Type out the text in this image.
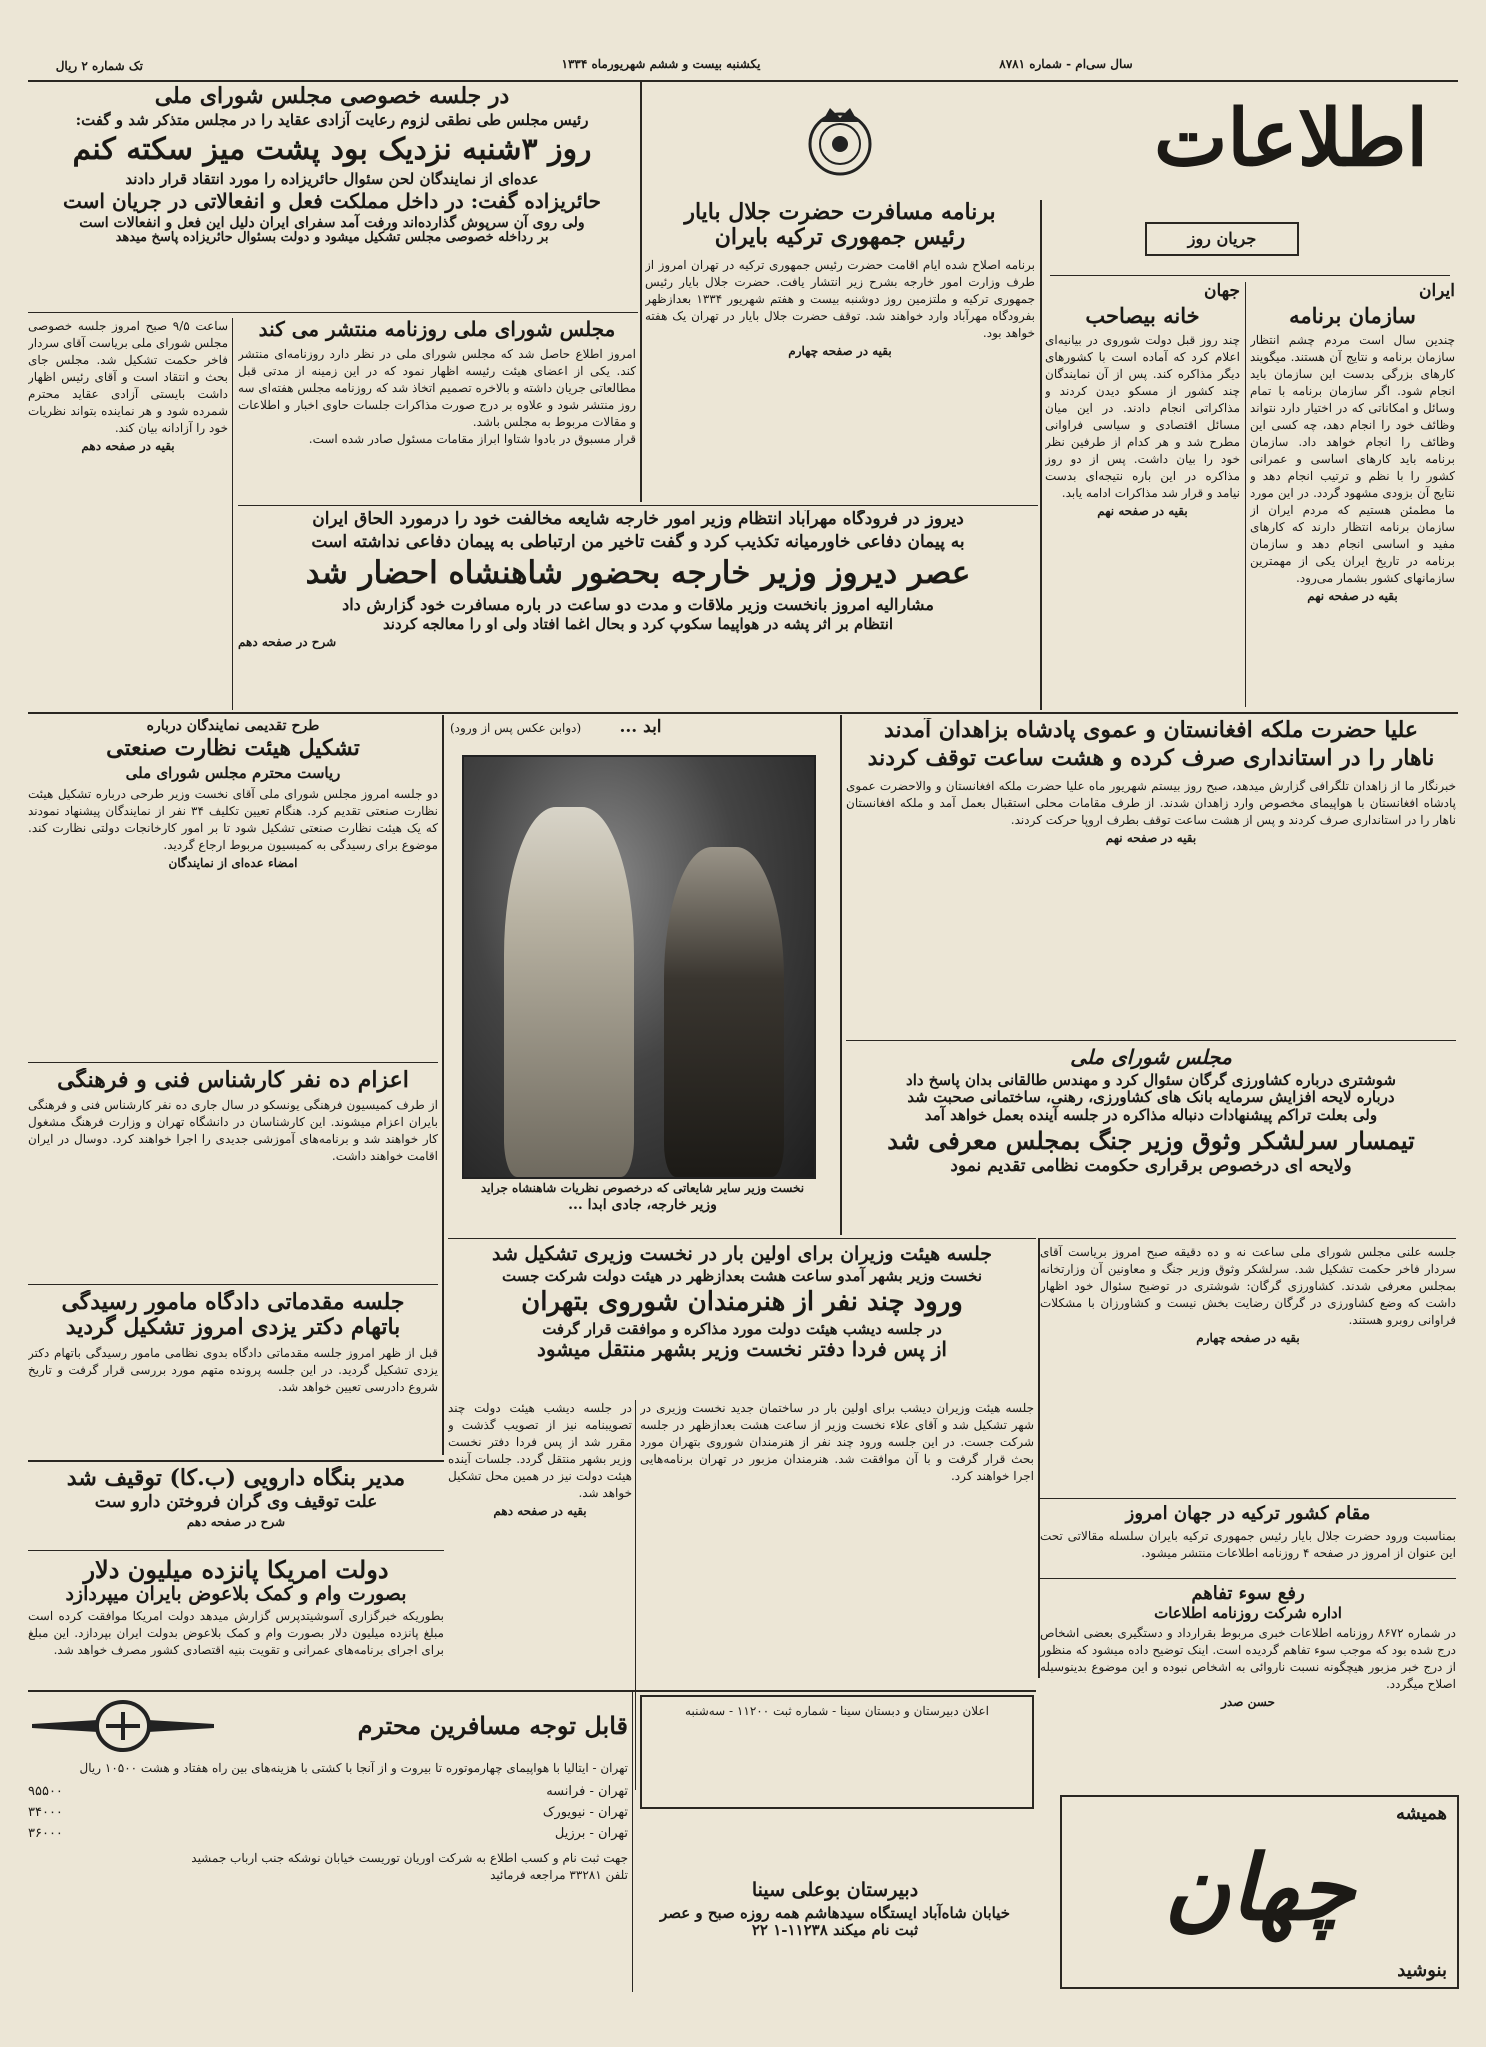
تک شماره ۲ ریال	یکشنبه بیست و ششم شهریورماه ۱۳۳۴	سال سی‌ام - شماره ۸۷۸۱
اطلاعات
جریان روز
ایران
سازمان برنامه
چندین سال است مردم چشم انتظار سازمان برنامه و نتایج آن هستند. میگویند کارهای بزرگی بدست این سازمان باید انجام شود. اگر سازمان برنامه با تمام وسائل و امکاناتی که در اختیار دارد نتواند وظائف خود را انجام دهد، چه کسی این وظائف را انجام خواهد داد. سازمان برنامه باید کارهای اساسی و عمرانی کشور را با نظم و ترتیب انجام دهد و نتایج آن بزودی مشهود گردد. در این مورد ما مطمئن هستیم که مردم ایران از سازمان برنامه انتظار دارند که کارهای مفید و اساسی انجام دهد و سازمان برنامه در تاریخ ایران یکی از مهمترین سازمانهای کشور بشمار می‌رود.
بقیه در صفحه نهم
جهان
خانه بیصاحب
چند روز قبل دولت شوروی در بیانیه‌ای اعلام کرد که آماده است با کشورهای دیگر مذاکره کند. پس از آن نمایندگان چند کشور از مسکو دیدن کردند و مذاکراتی انجام دادند. در این میان مسائل اقتصادی و سیاسی فراوانی مطرح شد و هر کدام از طرفین نظر خود را بیان داشت. پس از دو روز مذاکره در این باره نتیجه‌ای بدست نیامد و قرار شد مذاکرات ادامه یابد.
بقیه در صفحه نهم
برنامه مسافرت حضرت جلال بایار
رئیس جمهوری ترکیه بایران
برنامه اصلاح شده ایام اقامت حضرت رئیس جمهوری ترکیه در تهران امروز از طرف وزارت امور خارجه بشرح زیر انتشار یافت. حضرت جلال بایار رئیس جمهوری ترکیه و ملتزمین روز دوشنبه بیست و هفتم شهریور ۱۳۳۴ بعدازظهر بفرودگاه مهرآباد وارد خواهند شد. توقف حضرت جلال بایار در تهران یک هفته خواهد بود.
بقیه در صفحه چهارم
در جلسه خصوصی مجلس شورای ملی
رئیس مجلس طی نطقی لزوم رعایت آزادی عقاید را در مجلس متذکر شد و گفت:
روز ۳شنبه نزدیک بود پشت میز سکته کنم
عده‌ای از نمایندگان لحن سئوال حائریزاده را مورد انتقاد قرار دادند
حائریزاده گفت: در داخل مملکت فعل و انفعالاتی در جریان است
ولی روی آن سرپوش گذارده‌اند ورفت آمد سفرای ایران دلیل این فعل و انفعالات است
بر رداخله خصوصی مجلس تشکیل میشود و دولت بسئوال حائریزاده پاسخ میدهد
ساعت ۹/۵ صبح امروز جلسه خصوصی مجلس شورای ملی بریاست آقای سردار فاخر حکمت تشکیل شد. مجلس جای بحث و انتقاد است و آقای رئیس اظهار داشت بایستی آزادی عقاید محترم شمرده شود و هر نماینده بتواند نظریات خود را آزادانه بیان کند.
بقیه در صفحه دهم
مجلس شورای ملی روزنامه منتشر می کند
امروز اطلاع حاصل شد که مجلس شورای ملی در نظر دارد روزنامه‌ای منتشر کند. یکی از اعضای هیئت رئیسه اظهار نمود که در این زمینه از مدتی قبل مطالعاتی جریان داشته و بالاخره تصمیم اتخاذ شد که روزنامه مجلس هفته‌ای سه روز منتشر شود و علاوه بر درج صورت مذاکرات جلسات حاوی اخبار و اطلاعات و مقالات مربوط به مجلس باشد.
قرار مسبوق در بادوا شتاوا ابراز مقامات مسئول صادر شده است.
دیروز در فرودگاه مهرآباد انتظام وزیر امور خارجه شایعه مخالفت خود را درمورد الحاق ایران
به پیمان دفاعی خاورمیانه تکذیب کرد و گفت تاخیر من ارتباطی به پیمان دفاعی نداشته است
عصر دیروز وزیر خارجه بحضور شاهنشاه احضار شد
مشارالیه امروز بانخست وزیر ملاقات و مدت دو ساعت در باره مسافرت خود گزارش داد
انتظام بر اثر پشه در هواپیما سکوپ کرد و بحال اغما افتاد ولی او را معالجه کردند
شرح در صفحه دهم
طرح تقدیمی نمایندگان درباره
تشکیل هیئت نظارت صنعتی
ریاست محترم مجلس شورای ملی
دو جلسه امروز مجلس شورای ملی آقای نخست وزیر طرحی درباره تشکیل هیئت نظارت صنعتی تقدیم کرد. هنگام تعیین تکلیف ۳۴ نفر از نمایندگان پیشنهاد نمودند که یک هیئت نظارت صنعتی تشکیل شود تا بر امور کارخانجات دولتی نظارت کند. موضوع برای رسیدگی به کمیسیون مربوط ارجاع گردید.
امضاء عده‌ای از نمایندگان
اعزام ده نفر کارشناس فنی و فرهنگی
از طرف کمیسیون فرهنگی یونسکو در سال جاری ده نفر کارشناس فنی و فرهنگی بایران اعزام میشوند. این کارشناسان در دانشگاه تهران و وزارت فرهنگ مشغول کار خواهند شد و برنامه‌های آموزشی جدیدی را اجرا خواهند کرد. دوسال در ایران اقامت خواهند داشت.
جلسه مقدماتی دادگاه مامور رسیدگی
باتهام دکتر یزدی امروز تشکیل گردید
قبل از ظهر امروز جلسه مقدماتی دادگاه بدوی نظامی مامور رسیدگی باتهام دکتر یزدی تشکیل گردید. در این جلسه پرونده متهم مورد بررسی قرار گرفت و تاریخ شروع دادرسی تعیین خواهد شد.
ابد ...
(دوابن عکس پس از ورود)
نخست وزیر سایر شایعاتی که درخصوص نظریات شاهنشاه جراید
وزیر خارجه، جادی ابدا ...
علیا حضرت ملکه افغانستان و عموی پادشاه بزاهدان آمدند
ناهار را در استانداری صرف کرده و هشت ساعت توقف کردند
خبرنگار ما از زاهدان تلگرافی گزارش میدهد، صبح روز بیستم شهریور ماه علیا حضرت ملکه افغانستان و والاحضرت عموی پادشاه افغانستان با هواپیمای مخصوص وارد زاهدان شدند. از طرف مقامات محلی استقبال بعمل آمد و ملکه افغانستان ناهار را در استانداری صرف کردند و پس از هشت ساعت توقف بطرف اروپا حرکت کردند.
بقیه در صفحه نهم
مجلس شورای ملی
شوشتری درباره کشاورزی گرگان سئوال کرد و مهندس طالقانی بدان پاسخ داد
درباره لایحه افزایش سرمایه بانک های کشاورزی، رهنی، ساختمانی صحبت شد
ولی بعلت تراکم پیشنهادات دنباله مذاکره در جلسه آینده بعمل خواهد آمد
تیمسار سرلشکر وثوق وزیر جنگ بمجلس معرفی شد
ولایحه ای درخصوص برقراری حکومت نظامی تقدیم نمود
جلسه علنی مجلس شورای ملی ساعت نه و ده دقیقه صبح امروز بریاست آقای سردار فاخر حکمت تشکیل شد. سرلشکر وثوق وزیر جنگ و معاونین آن وزارتخانه بمجلس معرفی شدند. کشاورزی گرگان: شوشتری در توضیح سئوال خود اظهار داشت که وضع کشاورزی در گرگان رضایت بخش نیست و کشاورزان با مشکلات فراوانی روبرو هستند.
بقیه در صفحه چهارم
جلسه هیئت وزیران برای اولین بار در نخست وزیری تشکیل شد
نخست وزیر بشهر آمدو ساعت هشت بعدازظهر در هیئت دولت شرکت جست
ورود چند نفر از هنرمندان شوروی بتهران
در جلسه دیشب هیئت دولت مورد مذاکره و موافقت قرار گرفت
از پس فردا دفتر نخست وزیر بشهر منتقل میشود
جلسه هیئت وزیران دیشب برای اولین بار در ساختمان جدید نخست وزیری در شهر تشکیل شد و آقای علاء نخست وزیر از ساعت هشت بعدازظهر در جلسه شرکت جست. در این جلسه ورود چند نفر از هنرمندان شوروی بتهران مورد بحث قرار گرفت و با آن موافقت شد. هنرمندان مزبور در تهران برنامه‌هایی اجرا خواهند کرد.
در جلسه دیشب هیئت دولت چند تصویبنامه نیز از تصویب گذشت و مقرر شد از پس فردا دفتر نخست وزیر بشهر منتقل گردد. جلسات آینده هیئت دولت نیز در همین محل تشکیل خواهد شد.
بقیه در صفحه دهم
مدیر بنگاه دارویی (ب.کا) توقیف شد
علت توقیف وی گران فروختن دارو ست
شرح در صفحه دهم
دولت امریکا پانزده میلیون دلار
بصورت وام و کمک بلاعوض بایران میپردازد
بطوریکه خبرگزاری آسوشیتدپرس گزارش میدهد دولت امریکا موافقت کرده است مبلغ پانزده میلیون دلار بصورت وام و کمک بلاعوض بدولت ایران بپردازد. این مبلغ برای اجرای برنامه‌های عمرانی و تقویت بنیه اقتصادی کشور مصرف خواهد شد.
مقام کشور ترکیه در جهان امروز
بمناسبت ورود حضرت جلال بایار رئیس جمهوری ترکیه بایران سلسله مقالاتی تحت این عنوان از امروز در صفحه ۴ روزنامه اطلاعات منتشر میشود.
رفع سوء تفاهم
اداره شرکت روزنامه اطلاعات
در شماره ۸۶۷۲ روزنامه اطلاعات خبری مربوط بقرارداد و دستگیری بعضی اشخاص درج شده بود که موجب سوء تفاهم گردیده است. اینک توضیح داده میشود که منظور از درج خبر مزبور هیچگونه نسبت ناروائی به اشخاص نبوده و این موضوع بدینوسیله اصلاح میگردد.
حسن صدر
قابل توجه مسافرین محترم
تهران - ایتالیا با هواپیمای چهارموتوره تا بیروت و از آنجا با کشتی با هزینه‌های بین راه هفتاد و هشت ۱۰۵۰۰ ریال
تهران - فرانسه
۹۵۵۰۰
تهران - نیویورک
۳۴۰۰۰
تهران - برزیل
۳۶۰۰۰
جهت ثبت نام و کسب اطلاع به شرکت اوریان توریست خیابان نوشکه جنب ارباب جمشید
تلفن ۳۳۲۸۱ مراجعه فرمائید
اعلان دبیرستان و دبستان سینا - شماره ثبت ۱۱۲۰۰ - سه‌شنبه
دبیرستان بوعلی سینا
خیابان شاه‌آباد ایستگاه سیدهاشم همه روزه صبح و عصر
ثبت نام میکند ۱۱۲۳۸-۱ ۲۲
همیشه
چهان
بنوشید
